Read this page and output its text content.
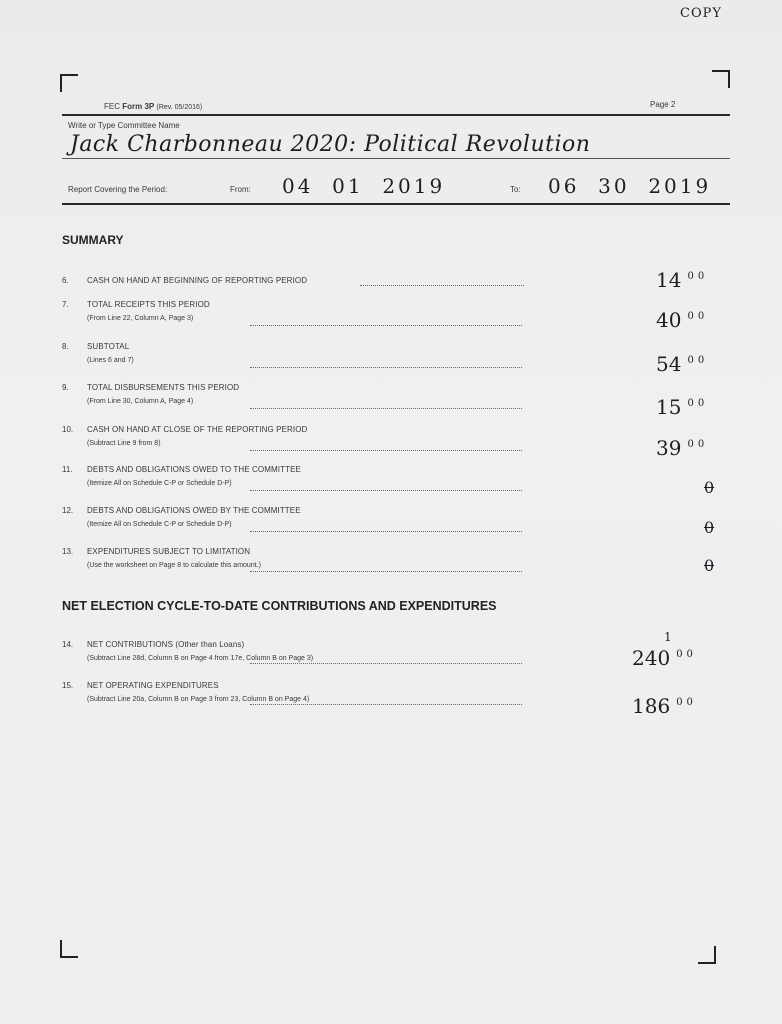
COPY
FEC Form 3P (Rev. 05/2016)	Page 2
Write or Type Committee Name
Jack Charbonneau 2020: Political Revolution
Report Covering the Period:	From: 04  01  2019	To: 06  30  2019
SUMMARY
6.	CASH ON HAND AT BEGINNING OF REPORTING PERIOD	14 $^{00}$
7.	TOTAL RECEIPTS THIS PERIOD
(From Line 22, Column A, Page 3)	40 $^{00}$
8.	SUBTOTAL
(Lines 6 and 7)	54 $^{00}$
9.	TOTAL DISBURSEMENTS THIS PERIOD
(From Line 30, Column A, Page 4)	15 $^{00}$
10.	CASH ON HAND AT CLOSE OF THE REPORTING PERIOD
(Subtract Line 9 from 8)	39 $^{00}$
11.	DEBTS AND OBLIGATIONS OWED TO THE COMMITTEE
(Itemize All on Schedule C-P or Schedule D-P)	0
12.	DEBTS AND OBLIGATIONS OWED BY THE COMMITTEE
(Itemize All on Schedule C-P or Schedule D-P)	0
13.	EXPENDITURES SUBJECT TO LIMITATION
(Use the worksheet on Page 8 to calculate this amount.)	0
NET ELECTION CYCLE-TO-DATE CONTRIBUTIONS AND EXPENDITURES
14.	NET CONTRIBUTIONS (Other than Loans)
(Subtract Line 28d, Column B on Page 4 from 17e, Column B on Page 3)	240 $^{00}$
1
15.	NET OPERATING EXPENDITURES
(Subtract Line 20a, Column B on Page 3 from 23, Column B on Page 4)	186 $^{00}$
